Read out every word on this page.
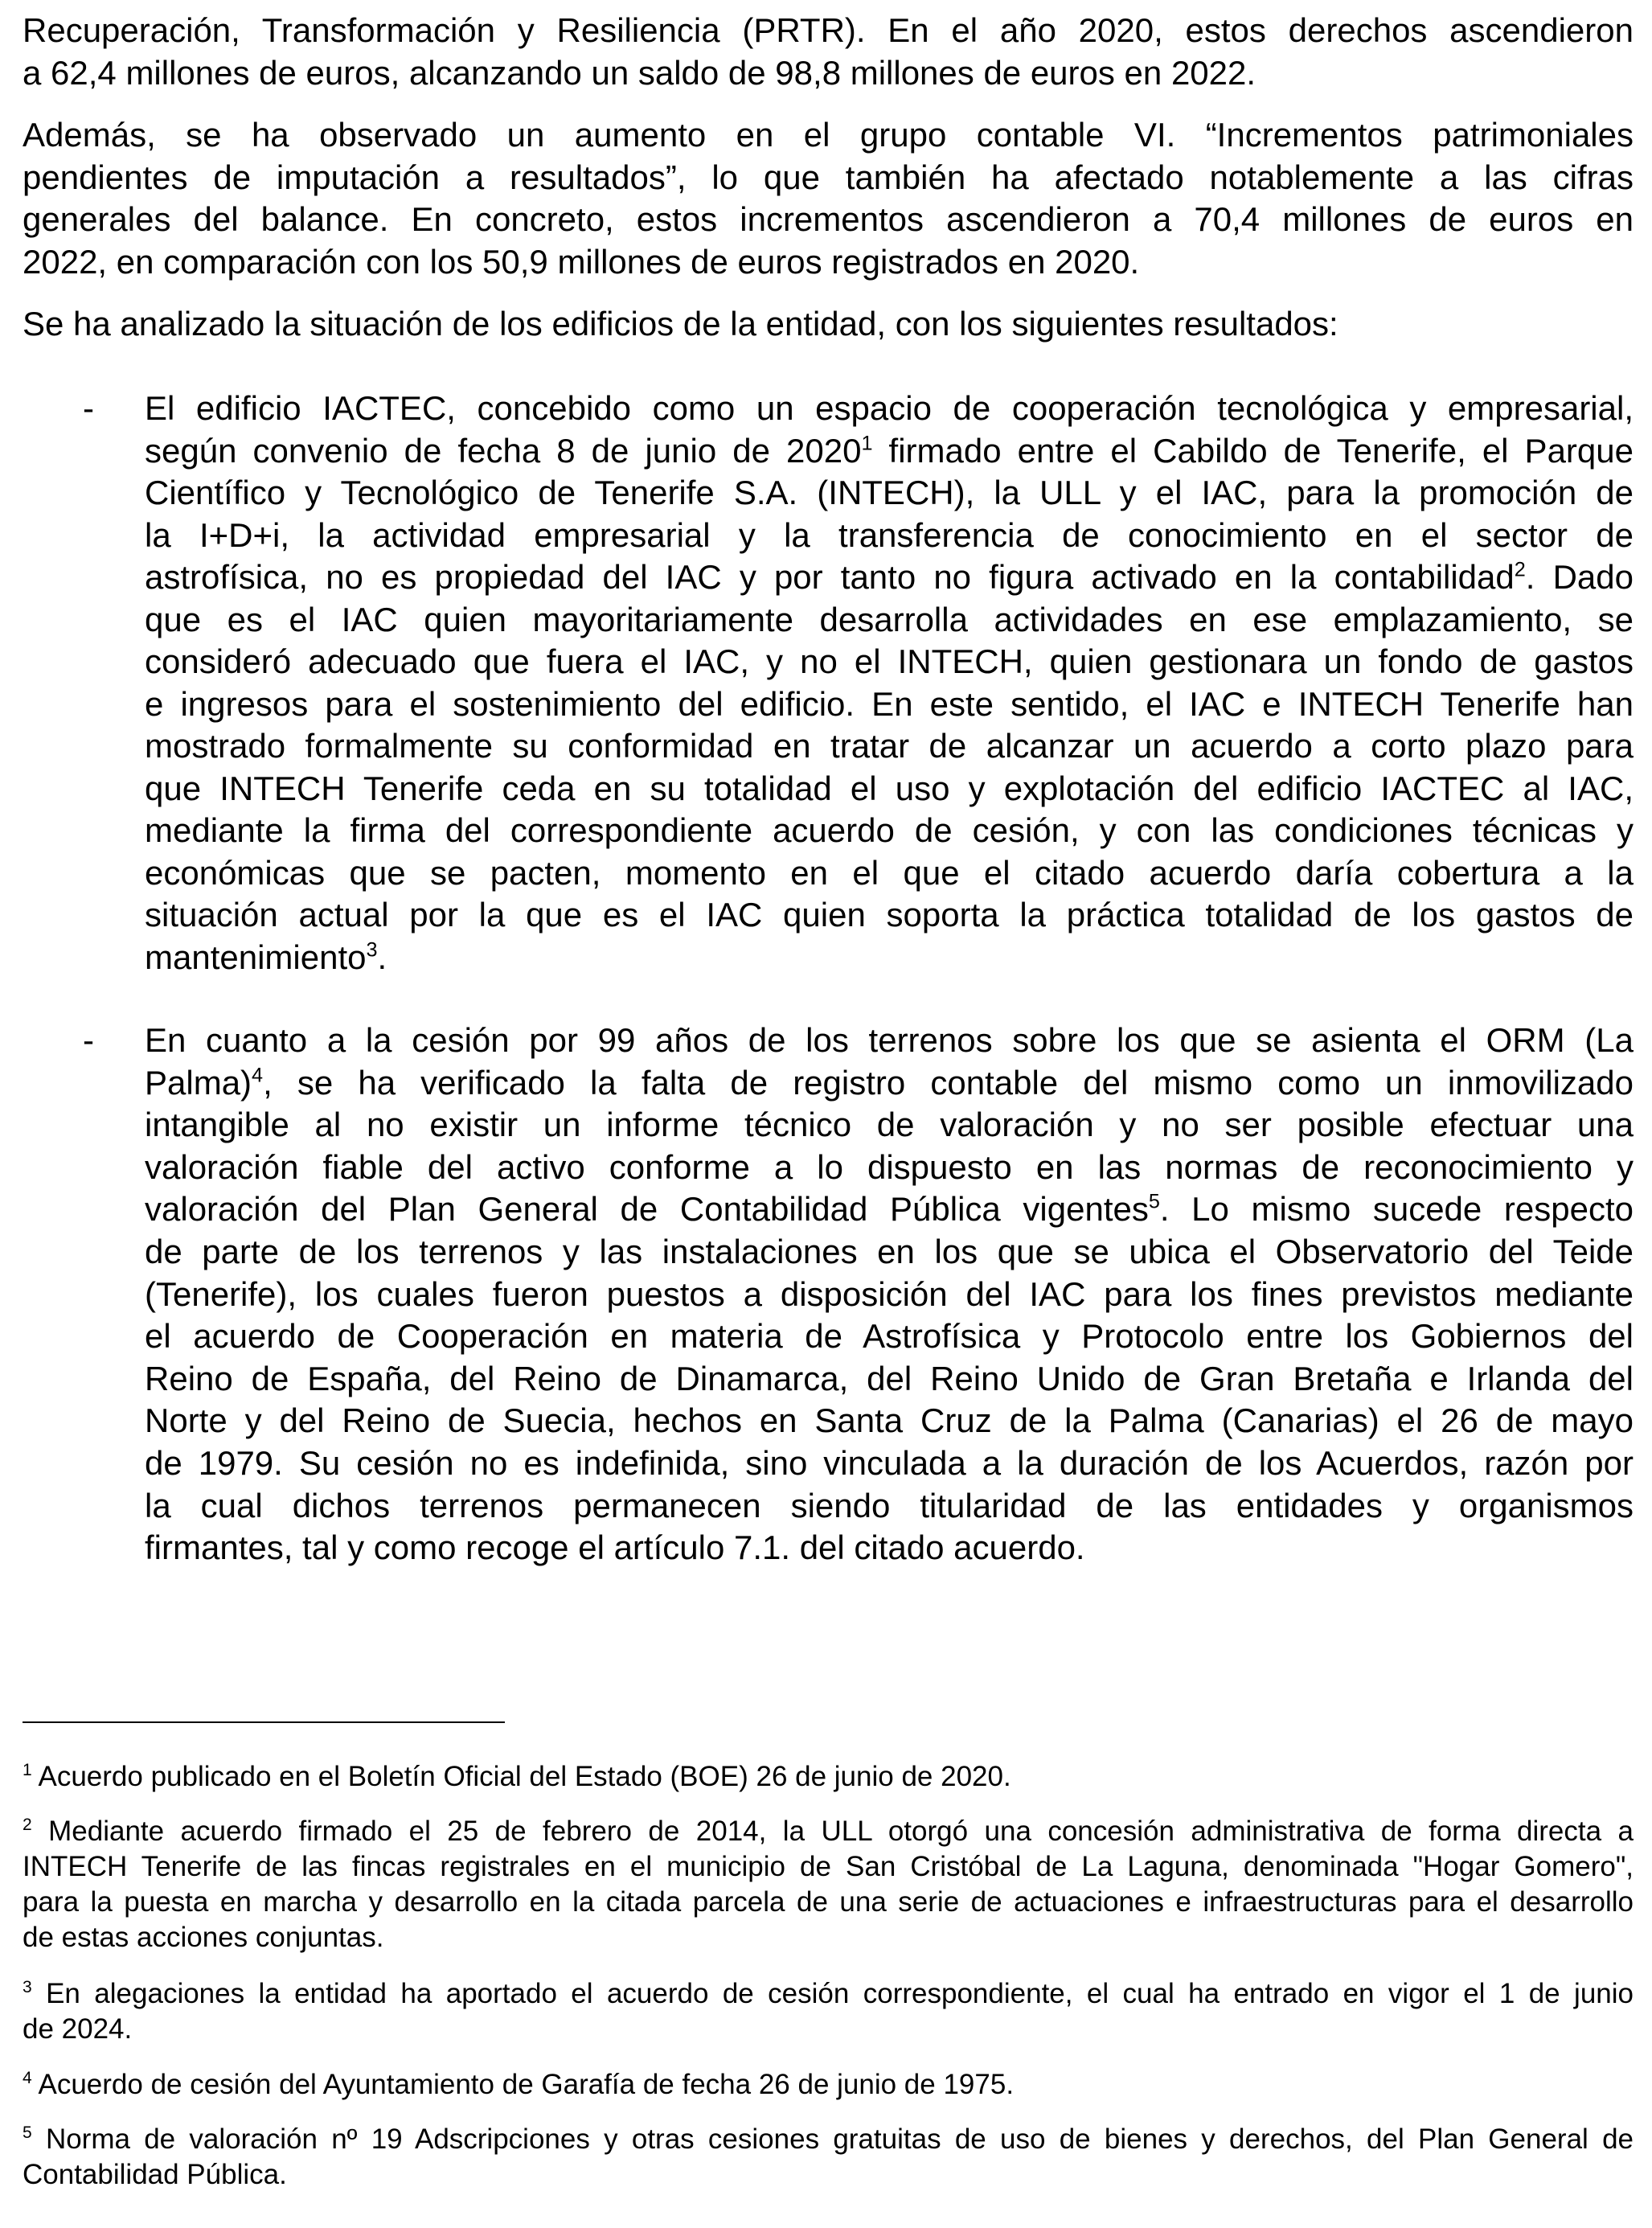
Recuperación, Transformación y Resiliencia (PRTR). En el año 2020, estos derechos ascendieron
a 62,4 millones de euros, alcanzando un saldo de 98,8 millones de euros en 2022.
Además, se ha observado un aumento en el grupo contable VI. “Incrementos patrimoniales
pendientes de imputación a resultados”, lo que también ha afectado notablemente a las cifras
generales del balance. En concreto, estos incrementos ascendieron a 70,4 millones de euros en
2022, en comparación con los 50,9 millones de euros registrados en 2020.
Se ha analizado la situación de los edificios de la entidad, con los siguientes resultados:
- El edificio IACTEC, concebido como un espacio de cooperación tecnológica y empresarial,
según convenio de fecha 8 de junio de 2020$^1$ firmado entre el Cabildo de Tenerife, el Parque
Científico y Tecnológico de Tenerife S.A. (INTECH), la ULL y el IAC, para la promoción de
la I+D+i, la actividad empresarial y la transferencia de conocimiento en el sector de
astrofísica, no es propiedad del IAC y por tanto no figura activado en la contabilidad$^2$. Dado
que es el IAC quien mayoritariamente desarrolla actividades en ese emplazamiento, se
consideró adecuado que fuera el IAC, y no el INTECH, quien gestionara un fondo de gastos
e ingresos para el sostenimiento del edificio. En este sentido, el IAC e INTECH Tenerife han
mostrado formalmente su conformidad en tratar de alcanzar un acuerdo a corto plazo para
que INTECH Tenerife ceda en su totalidad el uso y explotación del edificio IACTEC al IAC,
mediante la firma del correspondiente acuerdo de cesión, y con las condiciones técnicas y
económicas que se pacten, momento en el que el citado acuerdo daría cobertura a la
situación actual por la que es el IAC quien soporta la práctica totalidad de los gastos de
mantenimiento$^3$.
- En cuanto a la cesión por 99 años de los terrenos sobre los que se asienta el ORM (La
Palma)$^4$, se ha verificado la falta de registro contable del mismo como un inmovilizado
intangible al no existir un informe técnico de valoración y no ser posible efectuar una
valoración fiable del activo conforme a lo dispuesto en las normas de reconocimiento y
valoración del Plan General de Contabilidad Pública vigentes$^5$. Lo mismo sucede respecto
de parte de los terrenos y las instalaciones en los que se ubica el Observatorio del Teide
(Tenerife), los cuales fueron puestos a disposición del IAC para los fines previstos mediante
el acuerdo de Cooperación en materia de Astrofísica y Protocolo entre los Gobiernos del
Reino de España, del Reino de Dinamarca, del Reino Unido de Gran Bretaña e Irlanda del
Norte y del Reino de Suecia, hechos en Santa Cruz de la Palma (Canarias) el 26 de mayo
de 1979. Su cesión no es indefinida, sino vinculada a la duración de los Acuerdos, razón por
la cual dichos terrenos permanecen siendo titularidad de las entidades y organismos
firmantes, tal y como recoge el artículo 7.1. del citado acuerdo.
$^1$ Acuerdo publicado en el Boletín Oficial del Estado (BOE) 26 de junio de 2020.
$^2$ Mediante acuerdo firmado el 25 de febrero de 2014, la ULL otorgó una concesión administrativa de forma directa a
INTECH Tenerife de las fincas registrales en el municipio de San Cristóbal de La Laguna, denominada "Hogar Gomero",
para la puesta en marcha y desarrollo en la citada parcela de una serie de actuaciones e infraestructuras para el desarrollo
de estas acciones conjuntas.
$^3$ En alegaciones la entidad ha aportado el acuerdo de cesión correspondiente, el cual ha entrado en vigor el 1 de junio
de 2024.
$^4$ Acuerdo de cesión del Ayuntamiento de Garafía de fecha 26 de junio de 1975.
$^5$ Norma de valoración nº 19 Adscripciones y otras cesiones gratuitas de uso de bienes y derechos, del Plan General de
Contabilidad Pública.
